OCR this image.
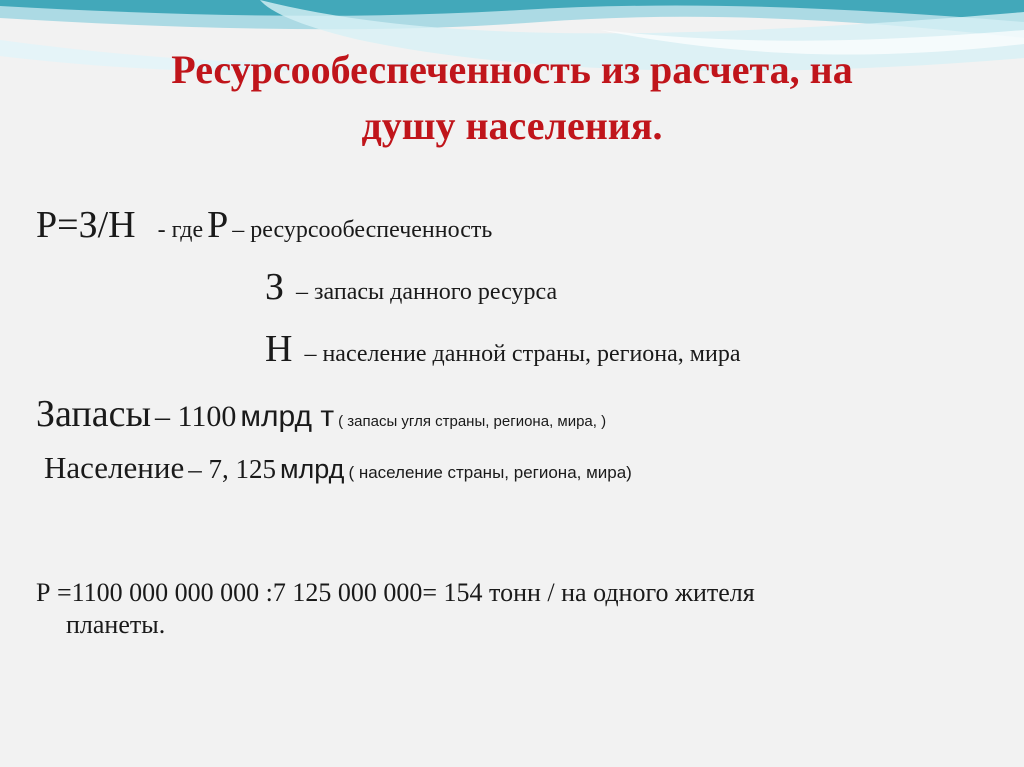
Ресурсообеспеченность из расчета, на
душу населения.
Р=З/Н - где Р – ресурсообеспеченность
З – запасы данного ресурса
Н – население данной страны, региона, мира
Запасы – 1100 млрд т ( запасы угля страны, региона, мира, )
Население – 7, 125 млрд ( население страны, региона, мира)
Р =1100 000 000 000 :7 125 000 000= 154 тонн / на одного жителя
планеты.
